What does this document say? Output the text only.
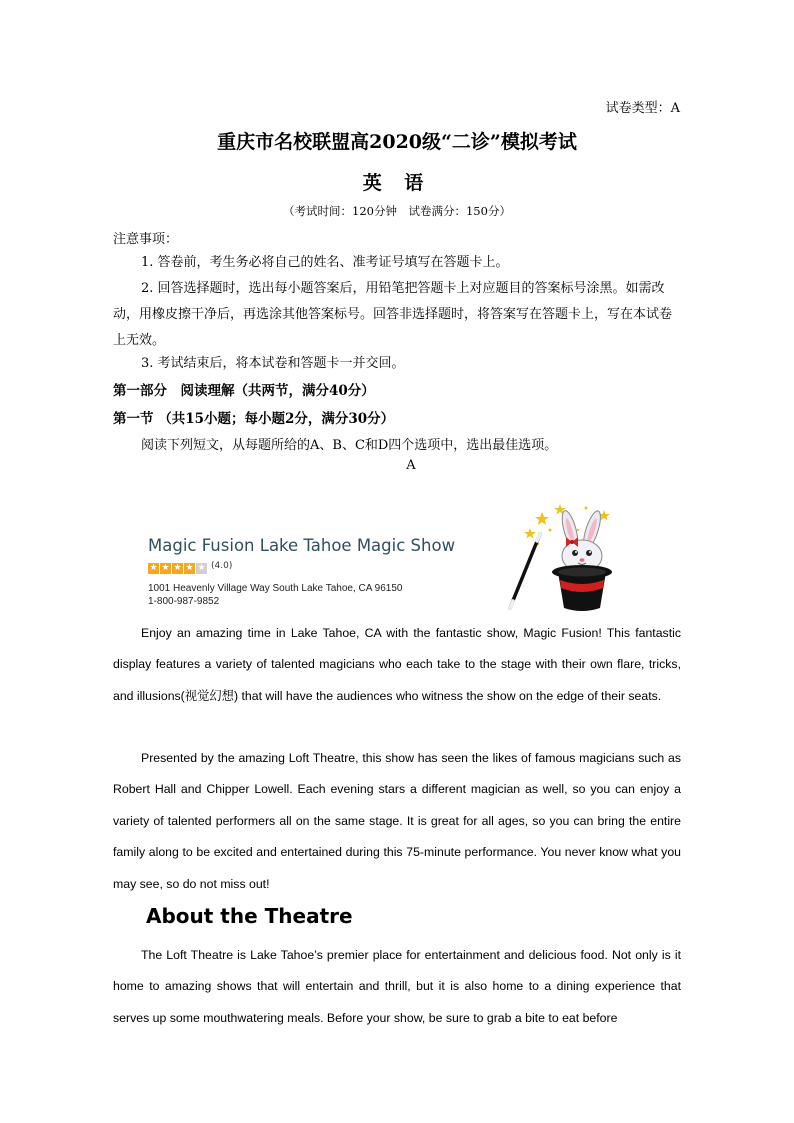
试卷类型：A
重庆市名校联盟高2020级“二诊”模拟考试
英 语
（考试时间：120分钟　试卷满分：150分）
注意事项：
1. 答卷前，考生务必将自己的姓名、准考证号填写在答题卡上。
2. 回答选择题时，选出每小题答案后，用铅笔把答题卡上对应题目的答案标号涂黑。如需改动，用橡皮擦干净后，再选涂其他答案标号。回答非选择题时，将答案写在答题卡上，写在本试卷上无效。
3. 考试结束后，将本试卷和答题卡一并交回。
第一部分　阅读理解（共两节，满分40分）
第一节 （共15小题；每小题2分，满分30分）
阅读下列短文，从每题所给的A、B、C和D四个选项中，选出最佳选项。
A
Magic Fusion Lake Tahoe Magic Show
★ ★ ★ ★ ★ (4.0)
1001 Heavenly Village Way South Lake Tahoe, CA 96150
1-800-987-9852
Enjoy an amazing time in Lake Tahoe, CA with the fantastic show, Magic Fusion! This fantastic display features a variety of talented magicians who each take to the stage with their own flare, tricks, and illusions(视觉幻想) that will have the audiences who witness the show on the edge of their seats.
Presented by the amazing Loft Theatre, this show has seen the likes of famous magicians such as Robert Hall and Chipper Lowell. Each evening stars a different magician as well, so you can enjoy a variety of talented performers all on the same stage. It is great for all ages, so you can bring the entire family along to be excited and entertained during this 75-minute performance. You never know what you may see, so do not miss out!
About the Theatre
The Loft Theatre is Lake Tahoe’s premier place for entertainment and delicious food. Not only is it home to amazing shows that will entertain and thrill, but it is also home to a dining experience that serves up some mouthwatering meals. Before your show, be sure to grab a bite to eat before
